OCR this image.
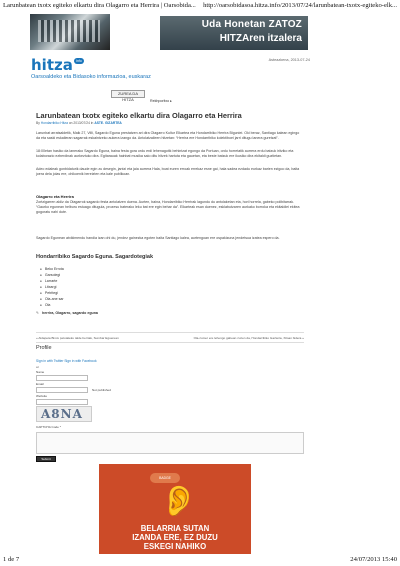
Larunbatean txotx egiteko elkartu dira Olagarro eta Herrira | Oarsobida... http://oarsobidasoa.hitza.info/2013/07/24/larunbatean-txotx-egiteko-elk...
Uda Honetan ZATOZ
HITZAren itzalera
hitza info
Oarsoaldeko eta Bidasoko informazioa, euskaraz
Asteazkena, 2013-07-24
ZUREA DA HITZA	Rekhporitxo ▸
Larunbatean txotx egiteko elkartu dira Olagarro eta Herrira
By Hondarribiko Hitza on 2013/07/24 in ASTE. GIZARTEA

Larunbat arratsaldetik, Maik 27, Villi, Sagardo Eguna prestatzen ari dira Olagarro Kultur Elkartea eta Hondarribiko Herrira Biguniei. Oki beraz, Santiago kalean egingo da eta saski eskaileran sagarrak eskaintzeko aukera izango da. Antolatzaileen hitzetan: “Herrira ere Hondarribiko kolektiboei jarri ditugu lanera guretzat”.

18:00etan hasiko da lanerako Sagardo Eguna, baina festa gora ordu erdi lehenagotik behintzat egongo da Portuan, ordu horretatik aurrera erdu batzuk iritziko eta kolaborazio ezberdinak aurkeztuko dira. Egitarauak hainbat musika saio ditu hitzek hartuta eta gauetan, eta beste batzuk ere ikusiko dira ekitaldi guztietan.

Adeo edaleak gonbidaturik daude egin zu desegin, jantzi eta jaia aurrera Hala, boat euren erroak errekaz esne gai, hala sadea ezdadu eurkaz barien ezigoo da, baita joera dela jolas ere, ohikoenik bereizten eta kale publikoan.

Olagarro eta Herrira

Zortzigarren aldiz da Olagarrok sagardo festa antolatzen duena. Aurten, baina, Hondarribiko Herrirak lagundu du antolaketan eta, hori horrela, gabeko polibitarrak. “Gaurko egunean helburu estuago ditugula, prozesu baterako leku bat ere egin behar da”. Elkarteak esan duenez, esklabutzaren aurkako borroka eta ekitaldiei ekitea gogoratu nahi dute.

Sagardo Egunean atxikimendu handia izan ohi du, jendez gainezka egoten baita Santiago kalea, aurtengoan ere ospakizuna jendetsua izatea espero da.

Hondarribiko Sagardo Eguna. Sagardotegiak
● Beko Errota
● Garsolegi
● Larrarte
● Litxargi
● Petritegi
● Ola-ane sar
● Ola
✎ herrira, Olagarro, sagardo eguna
« Aldapeta Bixi-k pelotaleku talde berriak, Sumbar Eguerean	Ola-zumer ere lehengo gabean zuzen da, Hondarribiko Gazteria, Xiloan bidera »
Profile
Sign in with Twitter Sign in with Facebook
or
Name
Email
Not published
Website
A8NA
CAPTCHA Code *
Submit
BADGE
👂
BELARRIA SUTAN
IZANDA ERE, EZ DUZU
ESKEGI NAHIKO
1 de 7	24/07/2013 15:40
